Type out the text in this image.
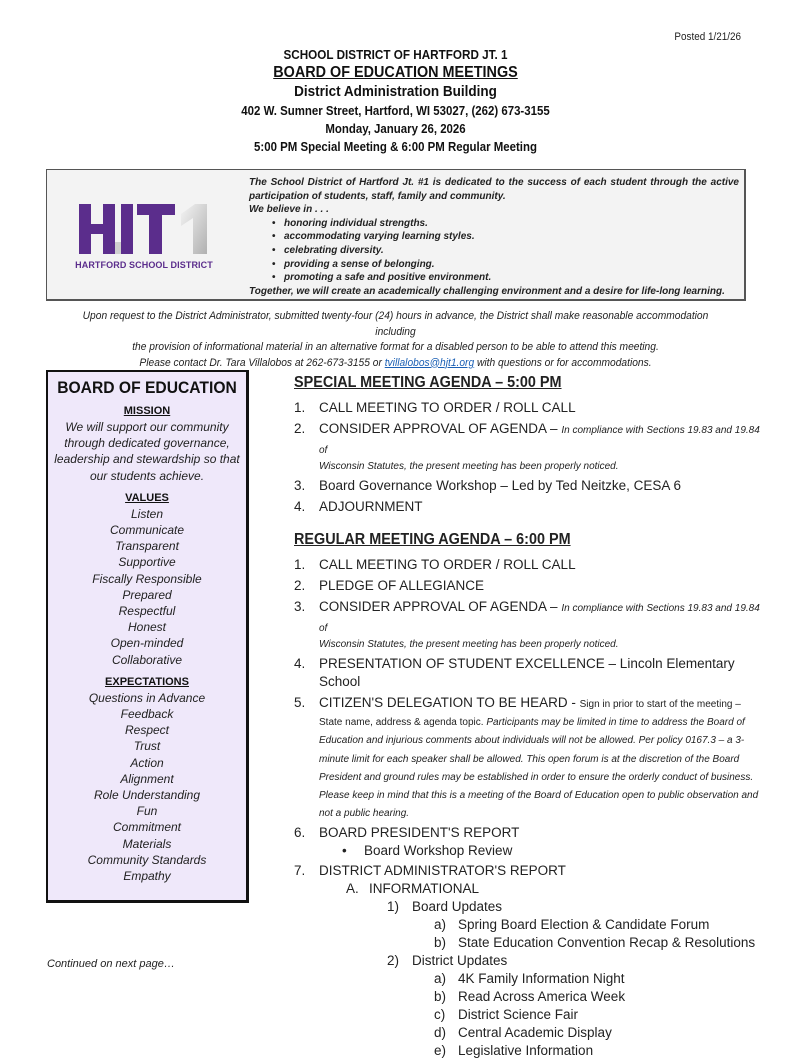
Posted 1/21/26
SCHOOL DISTRICT OF HARTFORD JT. 1
BOARD OF EDUCATION MEETINGS
District Administration Building
402 W. Sumner Street, Hartford, WI 53027, (262) 673-3155
Monday, January 26, 2026
5:00 PM Special Meeting & 6:00 PM Regular Meeting
HARTFORD SCHOOL DISTRICT
The School District of Hartford Jt. #1 is dedicated to the success of each student through the active participation of students, staff, family and community.
We believe in . . .
• honoring individual strengths.
• accommodating varying learning styles.
• celebrating diversity.
• providing a sense of belonging.
• promoting a safe and positive environment.
Together, we will create an academically challenging environment and a desire for life-long learning.
Upon request to the District Administrator, submitted twenty-four (24) hours in advance, the District shall make reasonable accommodation including
the provision of informational material in an alternative format for a disabled person to be able to attend this meeting.
Please contact Dr. Tara Villalobos at 262-673-3155 or tvillalobos@hjt1.org with questions or for accommodations.
BOARD OF EDUCATION
MISSION
We will support our community through dedicated governance, leadership and stewardship so that our students achieve.
VALUES
Listen
Communicate
Transparent
Supportive
Fiscally Responsible
Prepared
Respectful
Honest
Open-minded
Collaborative
EXPECTATIONS
Questions in Advance
Feedback
Respect
Trust
Action
Alignment
Role Understanding
Fun
Commitment
Materials
Community Standards
Empathy
Continued on next page…
SPECIAL MEETING AGENDA – 5:00 PM
1. CALL MEETING TO ORDER / ROLL CALL
2. CONSIDER APPROVAL OF AGENDA – In compliance with Sections 19.83 and 19.84 of
Wisconsin Statutes, the present meeting has been properly noticed.
3. Board Governance Workshop – Led by Ted Neitzke, CESA 6
4. ADJOURNMENT
REGULAR MEETING AGENDA – 6:00 PM
1. CALL MEETING TO ORDER / ROLL CALL
2. PLEDGE OF ALLEGIANCE
3. CONSIDER APPROVAL OF AGENDA – In compliance with Sections 19.83 and 19.84 of
Wisconsin Statutes, the present meeting has been properly noticed.
4. PRESENTATION OF STUDENT EXCELLENCE – Lincoln Elementary School
5. CITIZEN'S DELEGATION TO BE HEARD - Sign in prior to start of the meeting – State name, address & agenda topic. Participants may be limited in time to address the Board of Education and injurious comments about individuals will not be allowed. Per policy 0167.3 – a 3-minute limit for each speaker shall be allowed. This open forum is at the discretion of the Board President and ground rules may be established in order to ensure the orderly conduct of business. Please keep in mind that this is a meeting of the Board of Education open to public observation and not a public hearing.
6. BOARD PRESIDENT'S REPORT
• Board Workshop Review
7. DISTRICT ADMINISTRATOR'S REPORT
A. INFORMATIONAL
1) Board Updates
a) Spring Board Election & Candidate Forum
b) State Education Convention Recap & Resolutions
2) District Updates
a) 4K Family Information Night
b) Read Across America Week
c) District Science Fair
d) Central Academic Display
e) Legislative Information
